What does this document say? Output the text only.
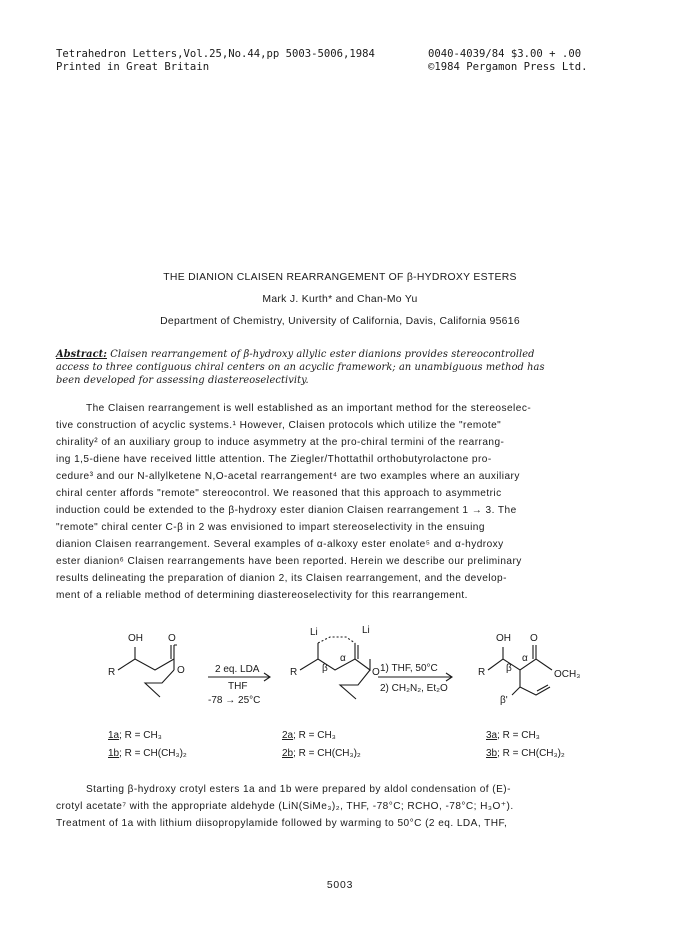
Tetrahedron Letters,Vol.25,No.44,pp 5003-5006,1984
Printed in Great Britain
0040-4039/84 $3.00 + .00
©1984 Pergamon Press Ltd.
THE DIANION CLAISEN REARRANGEMENT OF β-HYDROXY ESTERS
Mark J. Kurth* and Chan-Mo Yu
Department of Chemistry, University of California, Davis, California 95616
Abstract: Claisen rearrangement of β-hydroxy allylic ester dianions provides stereocontrolled
access to three contiguous chiral centers on an acyclic framework; an unambiguous method has
been developed for assessing diastereoselectivity.
The Claisen rearrangement is well established as an important method for the stereoselec-
tive construction of acyclic systems.¹ However, Claisen protocols which utilize the "remote"
chirality² of an auxiliary group to induce asymmetry at the pro-chiral termini of the rearrang-
ing 1,5-diene have received little attention. The Ziegler/Thottathil orthobutyrolactone pro-
cedure³ and our N-allylketene N,O-acetal rearrangement⁴ are two examples where an auxiliary
chiral center affords "remote" stereocontrol. We reasoned that this approach to asymmetric
induction could be extended to the β-hydroxy ester dianion Claisen rearrangement 1 → 3. The
"remote" chiral center C-β in 2 was envisioned to impart stereoselectivity in the ensuing
dianion Claisen rearrangement. Several examples of α-alkoxy ester enolate⁵ and α-hydroxy
ester dianion⁶ Claisen rearrangements have been reported. Herein we describe our preliminary
results delineating the preparation of dianion 2, its Claisen rearrangement, and the develop-
ment of a reliable method of determining diastereoselectivity for this rearrangement.
OH	O
R	O	2 eq. LDA
THF
-78 → 25°C
Li	Li
R β
α
O 1) THF, 50°C
2) CH₂N₂, Et₂O
OH O
R β
α
OCH₃
β'
1a; R = CH₃
1b; R = CH(CH₃)₂
2a; R = CH₃
2b; R = CH(CH₃)₂
3a; R = CH₃
3b; R = CH(CH₃)₂
Starting β-hydroxy crotyl esters 1a and 1b were prepared by aldol condensation of (E)-
crotyl acetate⁷ with the appropriate aldehyde (LiN(SiMe₃)₂, THF, -78°C; RCHO, -78°C; H₃O⁺).
Treatment of 1a with lithium diisopropylamide followed by warming to 50°C (2 eq. LDA, THF,
5003
